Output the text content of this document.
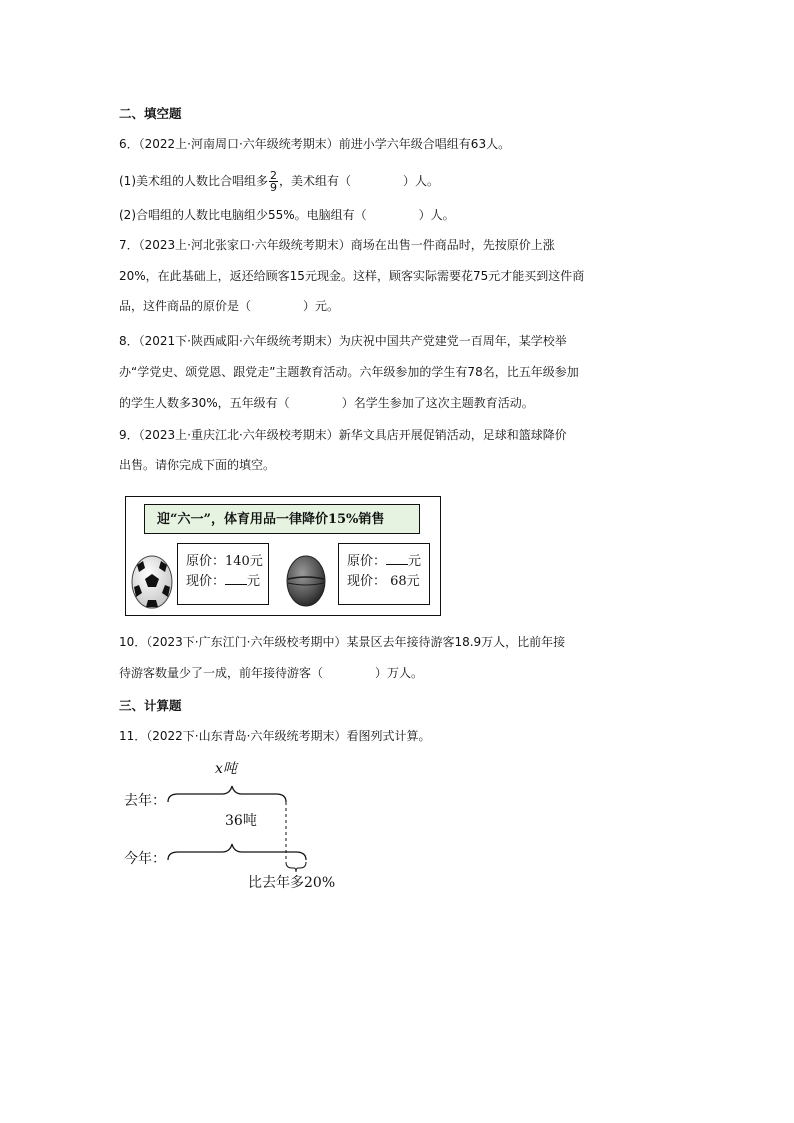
二、填空题
6．（2022上·河南周口·六年级统考期末）前进小学六年级合唱组有63人。
(1)美术组的人数比合唱组多 $\frac{2}{9}$ ，美术组有（	）人。
(2)合唱组的人数比电脑组少55%。电脑组有（	）人。
7．（2023上·河北张家口·六年级统考期末）商场在出售一件商品时，先按原价上涨
20%，在此基础上，返还给顾客15元现金。这样，顾客实际需要花75元才能买到这件商
品，这件商品的原价是（	）元。
8．（2021下·陕西咸阳·六年级统考期末）为庆祝中国共产党建党一百周年，某学校举
办“学党史、颂党恩、跟党走”主题教育活动。六年级参加的学生有78名，比五年级参加
的学生人数多30%，五年级有（	）名学生参加了这次主题教育活动。
9．（2023上·重庆江北·六年级校考期末）新华文具店开展促销活动，足球和篮球降价
出售。请你完成下面的填空。
迎“六一”，体育用品一律降价15%销售
原价：140元
现价： 元
原价： 元
现价： 68元
10．（2023下·广东江门·六年级校考期中）某景区去年接待游客18.9万人，比前年接
待游客数量少了一成，前年接待游客（	）万人。
三、计算题
11．（2022下·山东青岛·六年级统考期末）看图列式计算。
x吨
去年：
36吨
今年：
比去年多20%
